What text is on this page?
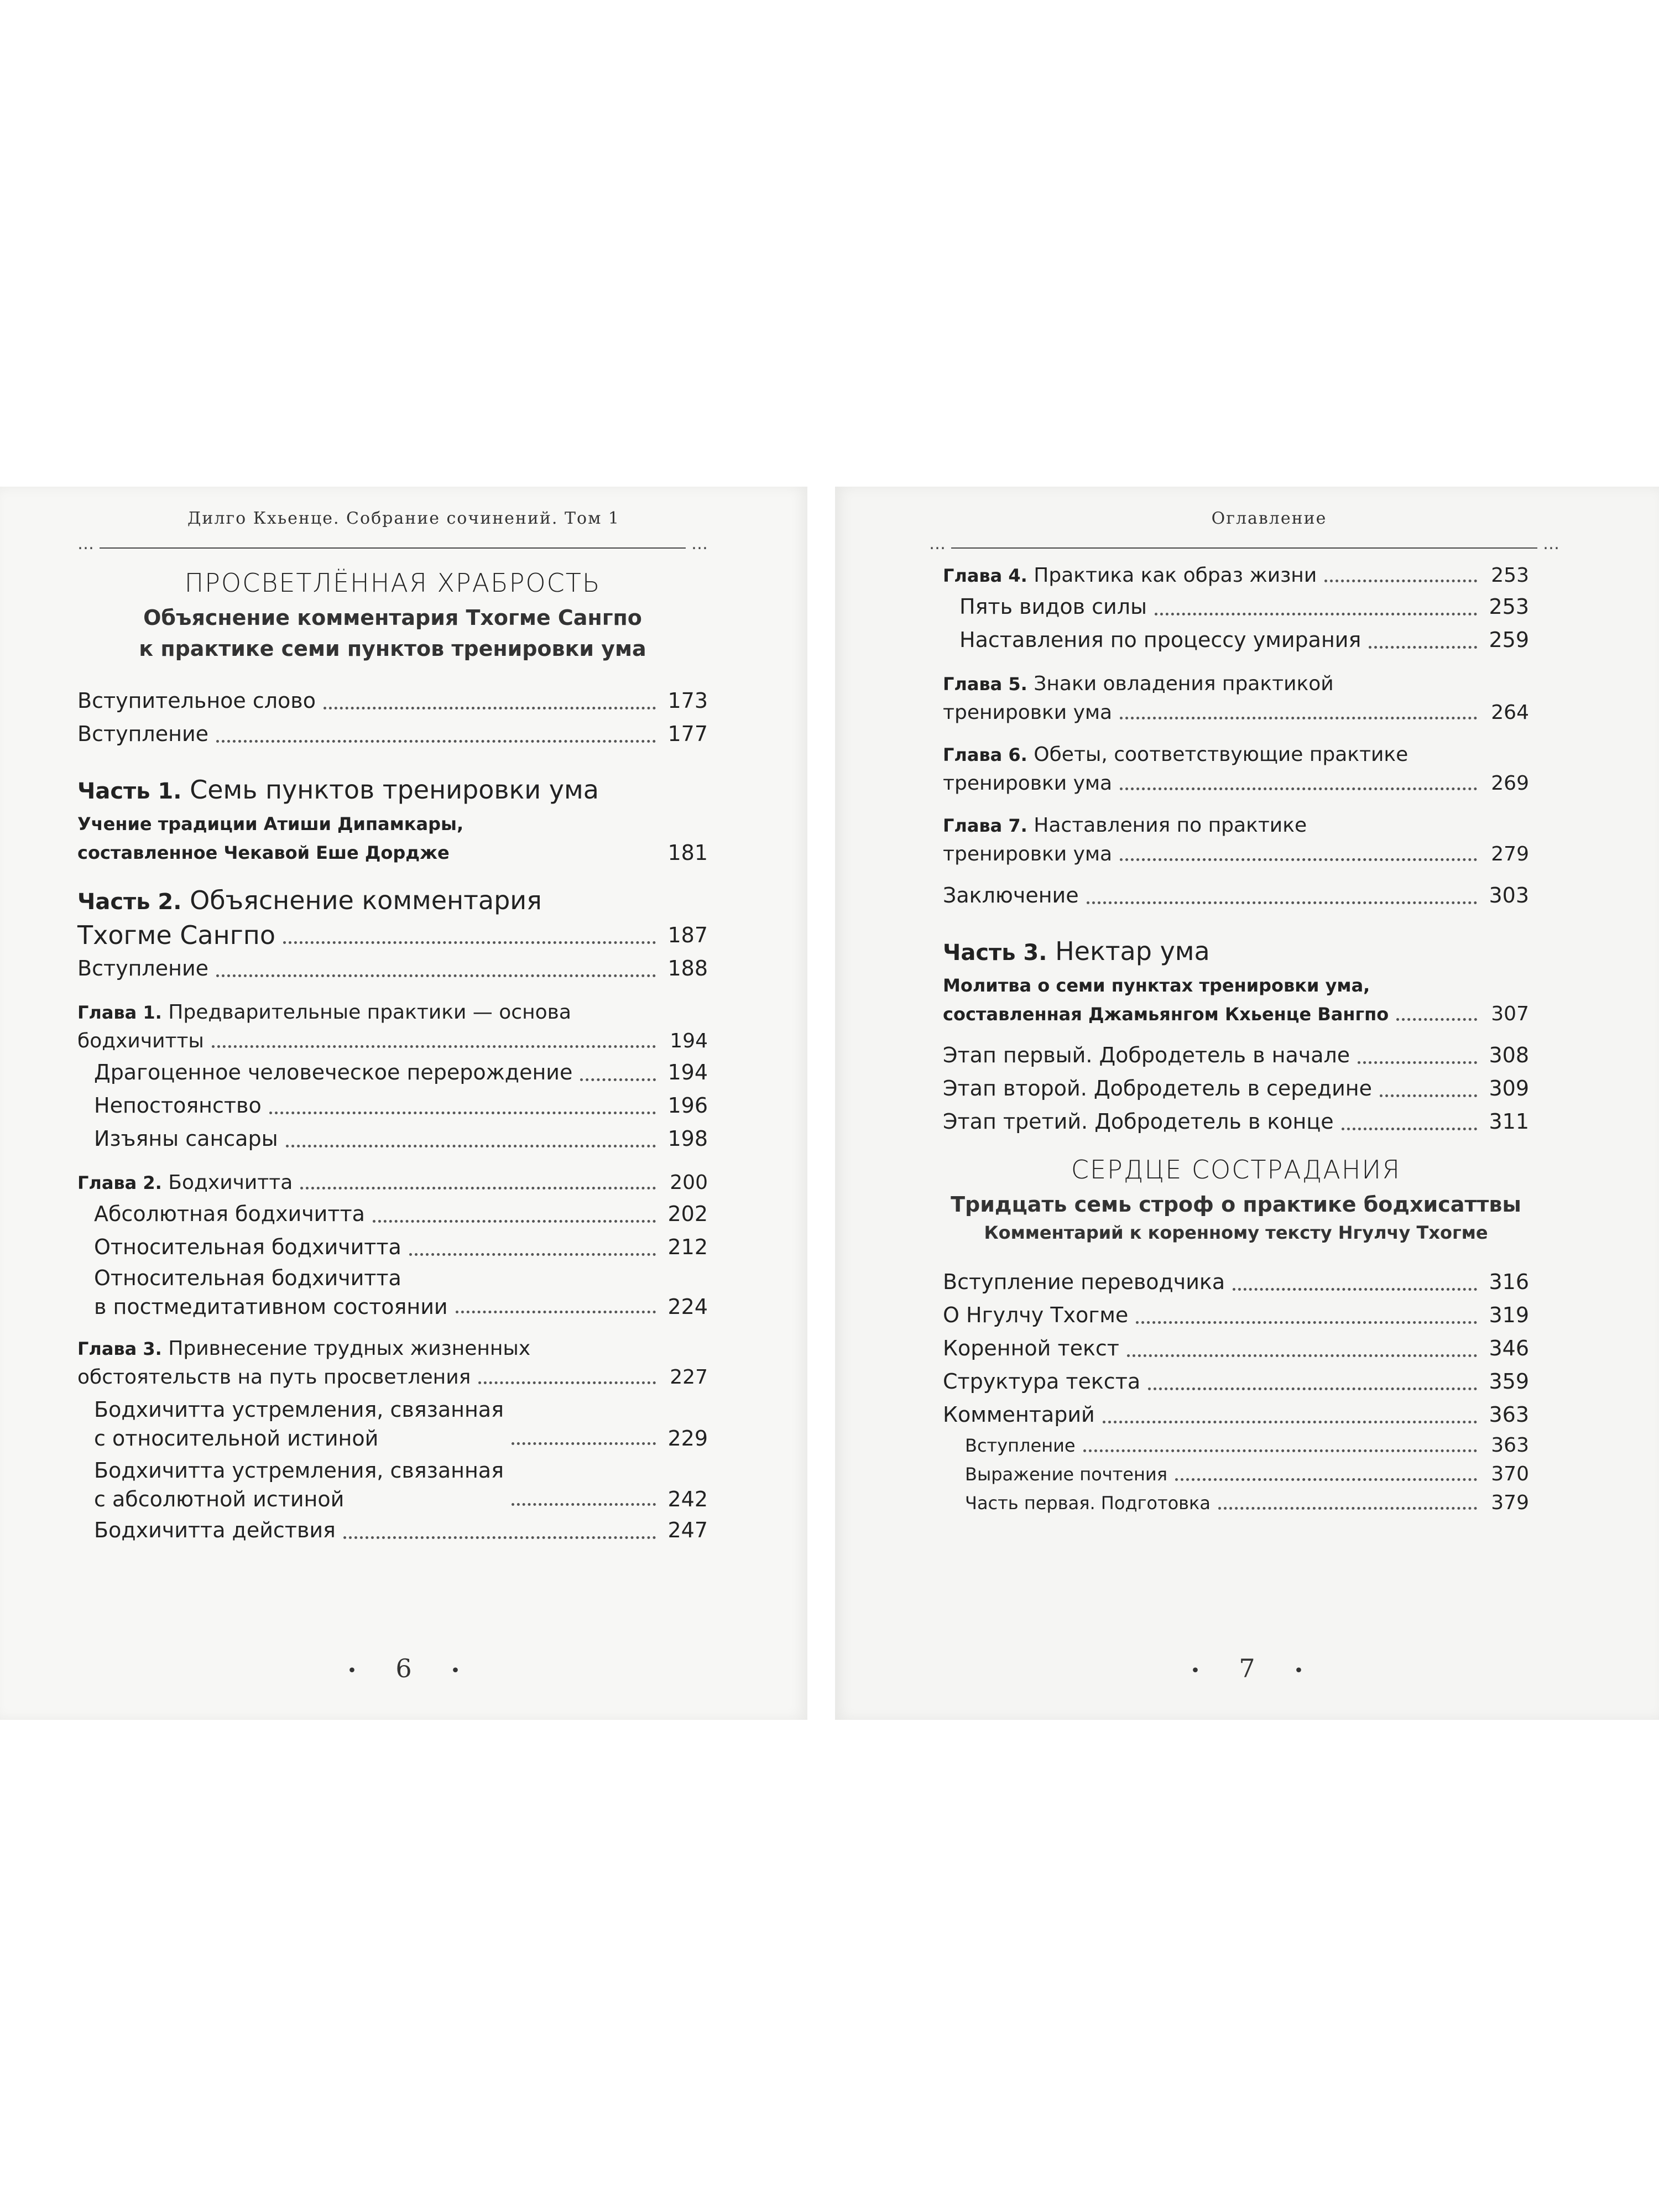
Дилго Кхьенце. Собрание сочинений. Том 1
… …
ПРОСВЕТЛЁННАЯ ХРАБРОСТЬ
Объяснение комментария Тхогме Сангпо
к практике семи пунктов тренировки ума
Вступительное слово	173
Вступление	177
Часть 1. Семь пунктов тренировки ума
Учение традиции Атиши Дипамкары,
составленное Чекавой Еше Дордже	181
Часть 2. Объяснение комментария
Тхогме Сангпо	187
Вступление	188
Глава 1. Предварительные практики — основа
бодхичитты	194
Драгоценное человеческое перерождение	194
Непостоянство	196
Изъяны сансары	198
Глава 2. Бодхичитта	200
Абсолютная бодхичитта	202
Относительная бодхичитта	212
Относительная бодхичитта
в постмедитативном состоянии	224
Глава 3. Привнесение трудных жизненных
обстоятельств на путь просветления	227
Бодхичитта устремления, связанная
с относительной истиной	229
Бодхичитта устремления, связанная
с абсолютной истиной	242
Бодхичитта действия	247
• 6 •
Оглавление
… …
Глава 4. Практика как образ жизни	253
Пять видов силы	253
Наставления по процессу умирания	259
Глава 5. Знаки овладения практикой
тренировки ума	264
Глава 6. Обеты, соответствующие практике
тренировки ума	269
Глава 7. Наставления по практике
тренировки ума	279
Заключение	303
Часть 3. Нектар ума
Молитва о семи пунктах тренировки ума,
составленная Джамьянгом Кхьенце Вангпо	307
Этап первый. Добродетель в начале	308
Этап второй. Добродетель в середине	309
Этап третий. Добродетель в конце	311
СЕРДЦЕ СОСТРАДАНИЯ
Тридцать семь строф о практике бодхисаттвы
Комментарий к коренному тексту Нгулчу Тхогме
Вступление переводчика	316
О Нгулчу Тхогме	319
Коренной текст	346
Структура текста	359
Комментарий	363
Вступление	363
Выражение почтения	370
Часть первая. Подготовка	379
• 7 •
